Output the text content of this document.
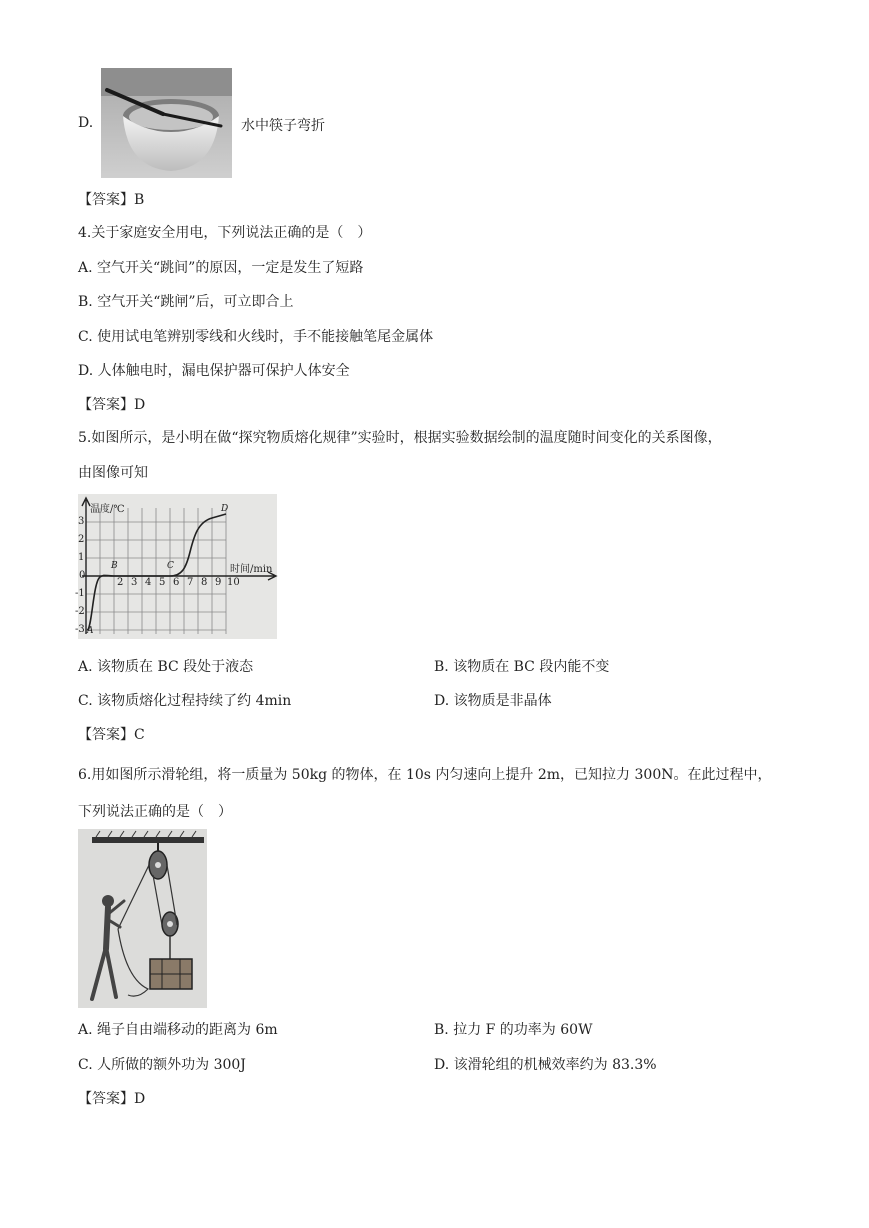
D.	水中筷子弯折
【答案】B
4.关于家庭安全用电，下列说法正确的是（　）
A. 空气开关“跳间”的原因，一定是发生了短路
B. 空气开关“跳闸”后，可立即合上
C. 使用试电笔辨别零线和火线时，手不能接触笔尾金属体
D. 人体触电时，漏电保护器可保护人体安全
【答案】D
5.如图所示，是小明在做“探究物质熔化规律”实验时，根据实验数据绘制的温度随时间变化的关系图像，
由图像可知
温度/℃
时间/min
3
2
1
0
-1
-2
-3
2 3 4 5 6 7 8 9 10
A
B	C
D
A. 该物质在 BC 段处于液态	B. 该物质在 BC 段内能不变
C. 该物质熔化过程持续了约 4min	D. 该物质是非晶体
【答案】C
6.用如图所示滑轮组，将一质量为 50kg 的物体，在 10s 内匀速向上提升 2m，已知拉力 300N。在此过程中，
下列说法正确的是（　）
A. 绳子自由端移动的距离为 6m	B. 拉力 F 的功率为 60W
C. 人所做的额外功为 300J	D. 该滑轮组的机械效率约为 83.3%
【答案】D
